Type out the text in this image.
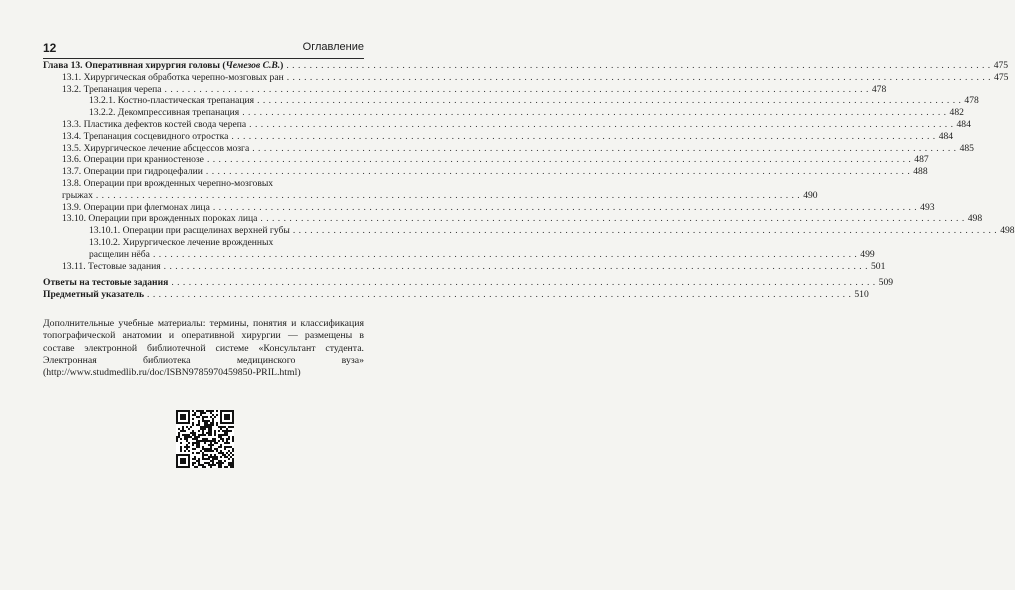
12	Оглавление
Глава 13. Оперативная хирургия головы (Чемезов С.В.) . . .	475
13.1. Хирургическая обработка черепно-мозговых ран . . .	475
13.2. Трепанация черепа . . .	478
13.2.1. Костно-пластическая трепанация . . .	478
13.2.2. Декомпрессивная трепанация . . .	482
13.3. Пластика дефектов костей свода черепа . . .	484
13.4. Трепанация сосцевидного отростка . . .	484
13.5. Хирургическое лечение абсцессов мозга . . .	485
13.6. Операции при краниостенозе . . .	487
13.7. Операции при гидроцефалии . . .	488
13.8. Операции при врожденных черепно-мозговых
грыжах . . .	490
13.9. Операции при флегмонах лица . . .	493
13.10. Операции при врожденных пороках лица . . .	498
13.10.1. Операции при расщелинах верхней губы . . .	498
13.10.2. Хирургическое лечение врожденных
расщелин нёба . . .	499
13.11. Тестовые задания . . .	501
Ответы на тестовые задания . . .	509
Предметный указатель . . .	510
Дополнительные учебные материалы: термины, понятия и классификация топографической анатомии и оперативной хирургии — размещены в составе электронной библиотечной системе «Консультант студента. Электронная библиотека медицинского вуза» (http://www.studmedlib.ru/doc/ISBN9785970459850-PRIL.html)
